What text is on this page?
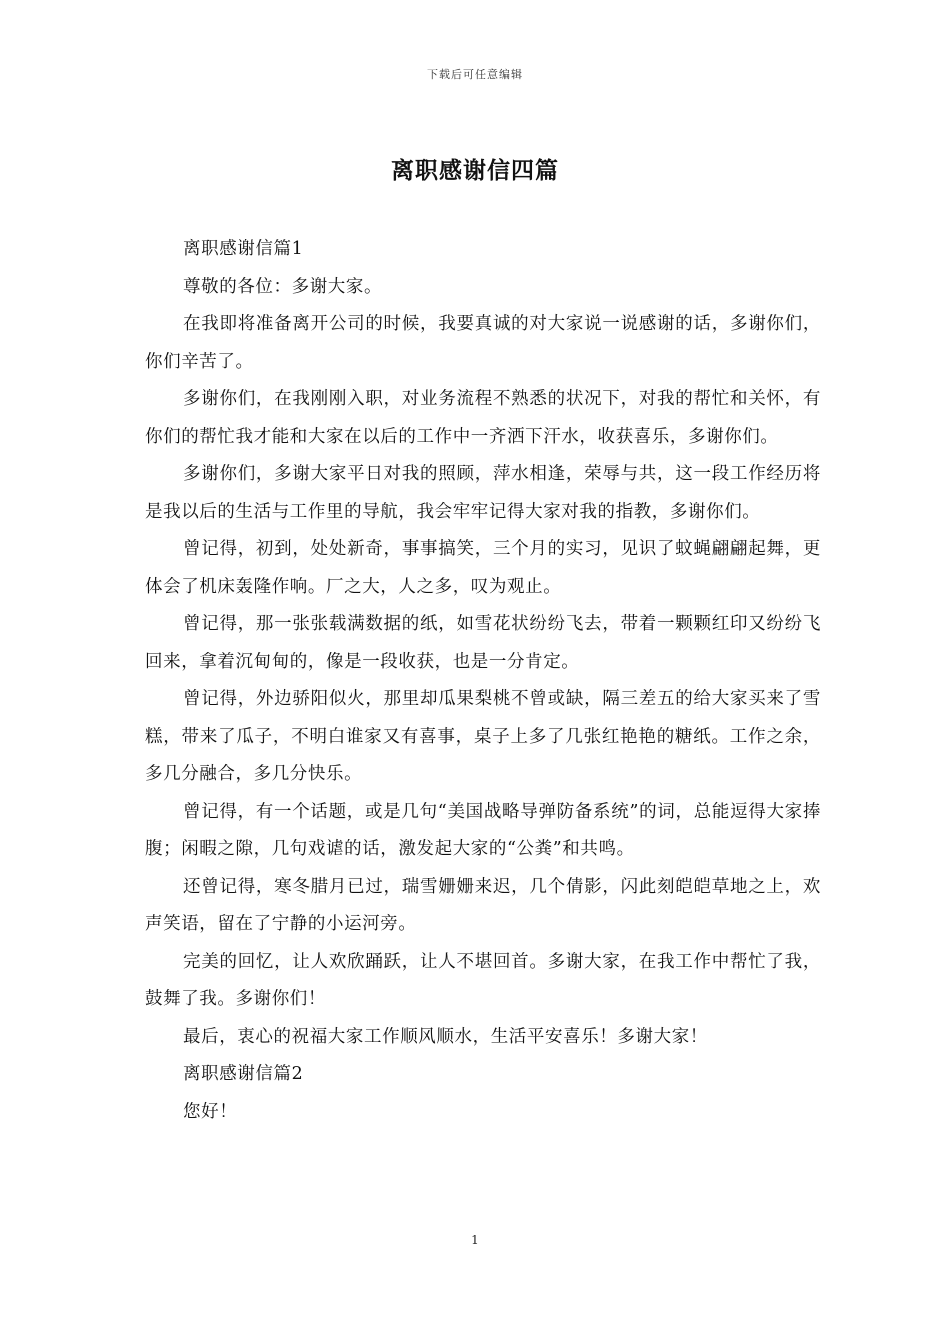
下载后可任意编辑
离职感谢信四篇

离职感谢信篇1

尊敬的各位：多谢大家。

在我即将准备离开公司的时候，我要真诚的对大家说一说感谢的话，多谢你们，你们辛苦了。

多谢你们，在我刚刚入职，对业务流程不熟悉的状况下，对我的帮忙和关怀，有你们的帮忙我才能和大家在以后的工作中一齐洒下汗水，收获喜乐，多谢你们。

多谢你们，多谢大家平日对我的照顾，萍水相逢，荣辱与共，这一段工作经历将是我以后的生活与工作里的导航，我会牢牢记得大家对我的指教，多谢你们。

曾记得，初到，处处新奇，事事搞笑，三个月的实习，见识了蚊蝇翩翩起舞，更体会了机床轰隆作响。厂之大，人之多，叹为观止。

曾记得，那一张张载满数据的纸，如雪花状纷纷飞去，带着一颗颗红印又纷纷飞回来，拿着沉甸甸的，像是一段收获，也是一分肯定。

曾记得，外边骄阳似火，那里却瓜果梨桃不曾或缺，隔三差五的给大家买来了雪糕，带来了瓜子，不明白谁家又有喜事，桌子上多了几张红艳艳的糖纸。工作之余，多几分融合，多几分快乐。

曾记得，有一个话题，或是几句“美国战略导弹防备系统”的词，总能逗得大家捧腹；闲暇之隙，几句戏谑的话，激发起大家的“公粪”和共鸣。

还曾记得，寒冬腊月已过，瑞雪姗姗来迟，几个倩影，闪此刻皑皑草地之上，欢声笑语，留在了宁静的小运河旁。

完美的回忆，让人欢欣踊跃，让人不堪回首。多谢大家，在我工作中帮忙了我，鼓舞了我。多谢你们！

最后，衷心的祝福大家工作顺风顺水，生活平安喜乐！多谢大家！

离职感谢信篇2

您好！

1
